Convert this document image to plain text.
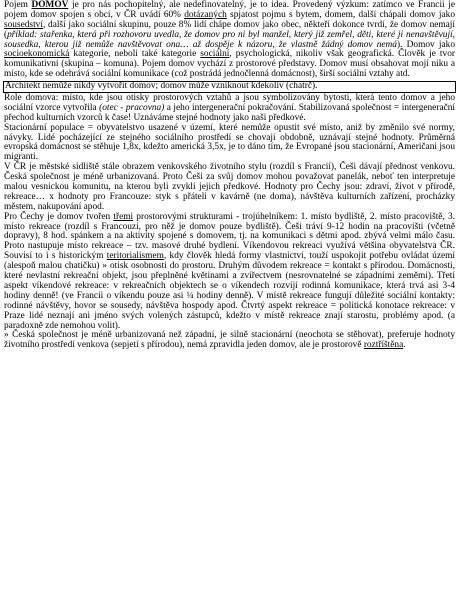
Pojem DOMOV je pro nás pochopitelný, ale nedefinovatelný, je to idea. Provedený výzkum: zatímco ve Francii je pojem domov spojen s obcí, v ČR uvádí 60% dotázaných spjatost pojmu s bytem, domem, další chápali domov jako sousedství, další jako sociální skupinu, pouze 8% lidí chápe domov jako obec, někteří dokonce tvrdí, že domov nemají (příklad: stařenka, která při rozhovoru uvedla, že domov pro ni byl manžel, který již zemřel, děti, které ji nenavštěvují, sousedka, kterou již nemůže navštěvovat ona… až dospěje k názoru, že vlastně žádný domov nemá). Domov jako socioekonomická kategorie, neboli také kategorie sociální, psychologická, nikoliv však geografická. Člověk je tvor komunikativní (skupina – komuna). Pojem domov vychází z prostorové představy. Domov musí obsahovat mojí niku a místo, kde se odehrává sociální komunikace (což postrádá jednočlenná domácnost), širší sociální vztahy atd.

Architekt nemůže nikdy vytvořit domov; domov může vzniknout kdekoliv (chatrč).

Role domova: místo, kde jsou otisky prostorových vztahů a jsou symbolizovány bytosti, která tento domov a jeho sociální vzorce vytvořila (otec - pracovna) a jeho intergenerační pokračování. Stabilizovaná společnost = intergenerační přechod kulturních vzorců k čase! Uznáváme stejné hodnoty jako naši předkové.

Stacionární populace = obyvatelstvo usazené v území, které nemůže opustit své místo, aniž by změnilo své normy, návyky. Lidé pocházející ze stejného sociálního prostředí se chovají obdobně, uznávají stejné hodnoty. Průměrná evropská domácnost se stěhuje 1,8x, kdežto americká 3,5x, je to dáno tím, že Evropané jsou stacionární, Američani jsou migranti.

V ČR je městské sídliště stále obrazem venkovského životního stylu (rozdíl s Francií), Češi dávají přednost venkovu. Česká společnost je méně urbanizovaná. Proto Češi za svůj domov mohou považovat panelák, neboť ten interpretuje malou vesnickou komunitu, na kterou byli zvyklí jejich předkové. Hodnoty pro Čechy jsou: zdraví, život v přírodě, rekreace… x hodnoty pro Francouze: styk s přáteli v kavárně (ne doma), návštěva kulturních zařízení, procházky městem, nakupování apod.

Pro Čechy je domov tvořen třemi prostorovými strukturami - trojúhelníkem: 1. místo bydliště, 2. místo pracoviště, 3. místo rekreace (rozdíl s Francouzi, pro něž je domov pouze bydliště). Češi tráví 9-12 hodin na pracovišti (včetně dopravy), 8 hod. spánkem a na aktivity spojené s domovem, tj. na komunikaci s dětmi apod. zbývá velmi málo času. Proto nastupuje místo rekreace – tzv. masové druhé bydlení. Víkendovou rekreaci využívá většina obyvatelstva ČR. Souvisí to i s historickým teritorialismem, kdy člověk hledá formy vlastnictví, touží uspokojit potřebu ovládat území (alespoň malou chatičku) » otisk osobnosti do prostoru. Druhým důvodem rekreace = kontakt s přírodou. Domácnosti, které nevlastní rekreační objekt, jsou přeplněné květinami a zvířectvem (nesrovnatelné se západními zeměmi). Třetí aspekt víkendové rekreace: v rekreačních objektech se o víkendech rozvíjí rodinná komunikace, která trvá asi 3-4 hodiny denně! (ve Francii o víkendu pouze asi ¼ hodiny denně). V místě rekreace fungují důležité sociální kontakty: rodinné návštěvy, hovor se sousedy, návštěva hospody apod. Čtvrtý aspekt rekreace = politická konotace rekreace: v Praze lidé neznají ani jméno svých volených zástupců, kdežto v místě rekreace znají starostu, problémy apod. (a paradoxně zde nemohou volit).

» Česká společnost je méně urbanizovaná než západní, je silně stacionární (neochota se stěhovat), preferuje hodnoty životního prostředí venkova (sepjetí s přírodou), nemá zpravidla jeden domov, ale je prostorově roztříštěna.
